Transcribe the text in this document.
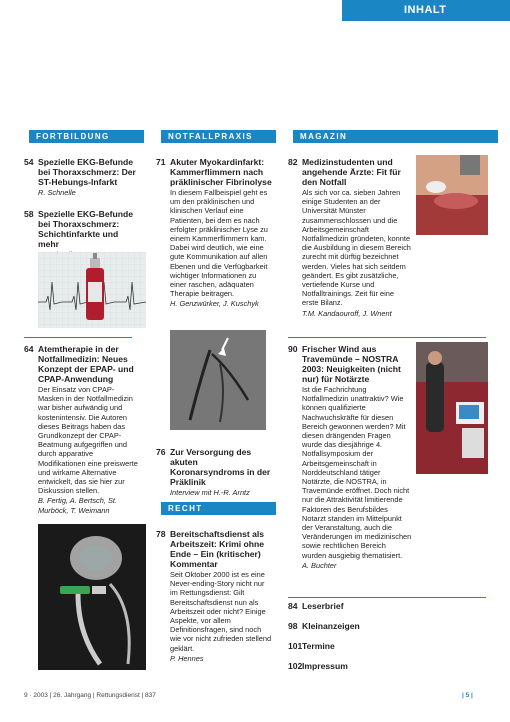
INHALT
FORTBILDUNG	NOTFALLPRAXIS	MAGAZIN
RECHT
54 Spezielle EKG-Befunde bei Thoraxschmerz: Der ST-Hebungs-Infarkt
R. Schnelle
58 Spezielle EKG-Befunde bei Thoraxschmerz: Schichtinfarkte und mehr
64 Atemtherapie in der Notfallmedizin: Neues Konzept der EPAP- und CPAP-Anwendung
Der Einsatz von CPAP-Masken in der Notfallmedizin war bisher aufwändig und kostenintensiv. Die Autoren dieses Beitrags haben das Grundkonzept der CPAP-Beatmung aufgegriffen und durch apparative Modifikationen eine preiswerte und wirkame Alternative entwickelt, das sie hier zur Diskussion stellen.
B. Fertig, A. Bertsch, St. Murböck, T. Weimann
71 Akuter Myokardinfarkt: Kammerflimmern nach präklinischer Fibrinolyse
In diesem Fallbeispiel geht es um den präklinischen und klinischen Verlauf eine Patienten, bei dem es nach erfolgter präklinischer Lyse zu einem Kammerflimmern kam. Dabei wird deutlich, wie eine gute Kommunikation auf allen Ebenen und die Verfügbarkeit wichtiger Informationen zu einer raschen, adäquaten Therapie beitragen.
H. Genzwürker, J. Kuschyk
76 Zur Versorgung des akuten Koronarsyndroms in der Präklinik
Interview mit H.-R. Arntz
78 Bereitschaftsdienst als Arbeitszeit: Krimi ohne Ende – Ein (kritischer) Kommentar
Seit Oktober 2000 ist es eine Never-ending-Story nicht nur im Rettungsdienst: Gilt Bereitschaftsdienst nun als Arbeitszeit oder nicht? Einige Aspekte, vor allem Definitionsfragen, sind noch wie vor nicht zufrieden stellend geklärt.
P. Hennes
82 Medizinstudenten und angehende Ärzte: Fit für den Notfall
Als sich vor ca. sieben Jahren einige Studenten an der Universität Münster zusammenschlossen und die Arbeitsgemeinschaft Notfallmedizin gründeten, konnte die Ausbildung in diesem Bereich zurecht mit dürftig bezeichnet werden. Vieles hat sich seitdem geändert. Es gibt zusätzliche, vertiefende Kurse und Notfalltrainings. Zeit für eine erste Bilanz.
T.M. Kandaouroff, J. Wnent
90 Frischer Wind aus Travemünde – NOSTRA 2003: Neuigkeiten (nicht nur) für Notärzte
Ist die Fachrichtung Notfallmedizin unattraktiv? Wie können qualifizierte Nachwuchskräfte für diesen Bereich gewonnen werden? Mit diesen drängenden Fragen wurde das diesjährige 4. Notfallsymposium der Arbeitsgemeinschaft in Norddeutschland tätiger Notärzte, die NOSTRA, in Travemünde eröffnet. Doch nicht nur die Attraktivität limitierende Faktoren des Berufsbildes Notarzt standen im Mittelpunkt der Veranstaltung, auch die Veränderungen im medizinischen sowie rechtlichen Bereich wurden ausgiebig thematisiert.
A. Buchter
84 Leserbrief
98 Kleinanzeigen
101 Termine
102 Impressum
9 · 2003 | 26. Jahrgang | Rettungsdienst | 837	| 5 |
